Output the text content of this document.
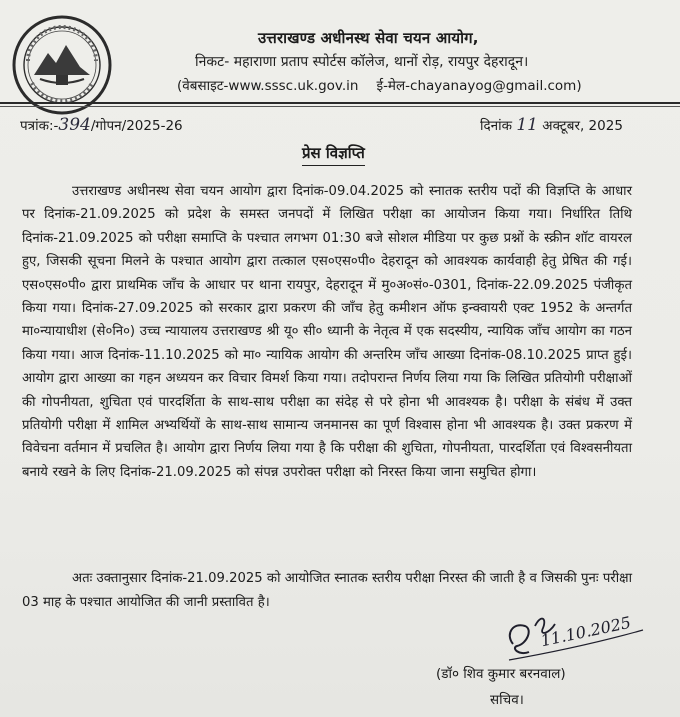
उत्तराखण्ड अधीनस्थ सेवा चयन आयोग,
निकट- महाराणा प्रताप स्पोर्टस कॉलेज, थानों रोड़, रायपुर देहरादून।
(वेबसाइट-www.sssc.uk.gov.in ई-मेल-chayanayog@gmail.com)
पत्रांक:-394/गोपन/2025-26	दिनांक 11 अक्टूबर, 2025
प्रेस विज्ञप्ति

उत्तराखण्ड अधीनस्थ सेवा चयन आयोग द्वारा दिनांक-09.04.2025 को स्नातक स्तरीय पदों की विज्ञप्ति के आधार पर दिनांक-21.09.2025 को प्रदेश के समस्त जनपदों में लिखित परीक्षा का आयोजन किया गया। निर्धारित तिथि दिनांक-21.09.2025 को परीक्षा समाप्ति के पश्चात लगभग 01:30 बजे सोशल मीडिया पर कुछ प्रश्नों के स्क्रीन शॉट वायरल हुए, जिसकी सूचना मिलने के पश्चात आयोग द्वारा तत्काल एस०एस०पी० देहरादून को आवश्यक कार्यवाही हेतु प्रेषित की गई। एस०एस०पी० द्वारा प्राथमिक जाँच के आधार पर थाना रायपुर, देहरादून में मु०अ०सं०-0301, दिनांक-22.09.2025 पंजीकृत किया गया। दिनांक-27.09.2025 को सरकार द्वारा प्रकरण की जाँच हेतु कमीशन ऑफ इन्क्वायरी एक्ट 1952 के अन्तर्गत मा०न्यायाधीश (से०नि०) उच्च न्यायालय उत्तराखण्ड श्री यू० सी० ध्यानी के नेतृत्व में एक सदस्यीय, न्यायिक जाँच आयोग का गठन किया गया। आज दिनांक-11.10.2025 को मा० न्यायिक आयोग की अन्तरिम जाँच आख्या दिनांक-08.10.2025 प्राप्त हुई। आयोग द्वारा आख्या का गहन अध्ययन कर विचार विमर्श किया गया। तदोपरान्त निर्णय लिया गया कि लिखित प्रतियोगी परीक्षाओं की गोपनीयता, शुचिता एवं पारदर्शिता के साथ-साथ परीक्षा का संदेह से परे होना भी आवश्यक है। परीक्षा के संबंध में उक्त प्रतियोगी परीक्षा में शामिल अभ्यर्थियों के साथ-साथ सामान्य जनमानस का पूर्ण विश्वास होना भी आवश्यक है। उक्त प्रकरण में विवेचना वर्तमान में प्रचलित है। आयोग द्वारा निर्णय लिया गया है कि परीक्षा की शुचिता, गोपनीयता, पारदर्शिता एवं विश्वसनीयता बनाये रखने के लिए दिनांक-21.09.2025 को संपन्न उपरोक्त परीक्षा को निरस्त किया जाना समुचित होगा।

अतः उक्तानुसार दिनांक-21.09.2025 को आयोजित स्नातक स्तरीय परीक्षा निरस्त की जाती है व जिसकी पुनः परीक्षा 03 माह के पश्चात आयोजित की जानी प्रस्तावित है।
11.10.2025
(डॉ० शिव कुमार बरनवाल)
सचिव।
